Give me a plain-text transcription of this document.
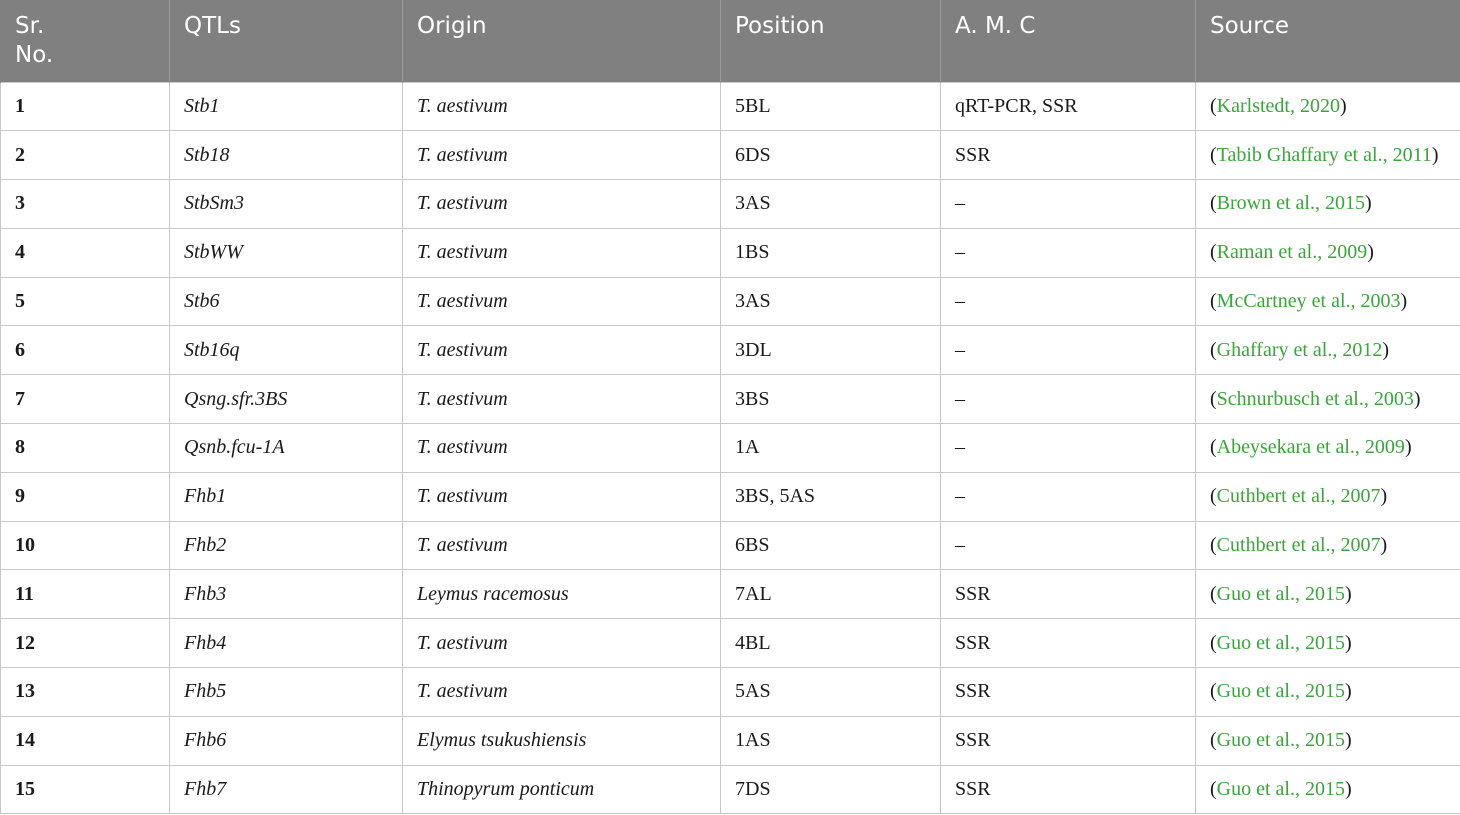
Sr.
No.	QTLs	Origin	Position	A. M. C	Source
1	Stb1	T. aestivum	5BL	qRT-PCR, SSR	(Karlstedt, 2020)
2	Stb18	T. aestivum	6DS	SSR	(Tabib Ghaffary et al., 2011)
3	StbSm3	T. aestivum	3AS	–	(Brown et al., 2015)
4	StbWW	T. aestivum	1BS	–	(Raman et al., 2009)
5	Stb6	T. aestivum	3AS	–	(McCartney et al., 2003)
6	Stb16q	T. aestivum	3DL	–	(Ghaffary et al., 2012)
7	Qsng.sfr.3BS	T. aestivum	3BS	–	(Schnurbusch et al., 2003)
8	Qsnb.fcu-1A	T. aestivum	1A	–	(Abeysekara et al., 2009)
9	Fhb1	T. aestivum	3BS, 5AS	–	(Cuthbert et al., 2007)
10	Fhb2	T. aestivum	6BS	–	(Cuthbert et al., 2007)
11	Fhb3	Leymus racemosus	7AL	SSR	(Guo et al., 2015)
12	Fhb4	T. aestivum	4BL	SSR	(Guo et al., 2015)
13	Fhb5	T. aestivum	5AS	SSR	(Guo et al., 2015)
14	Fhb6	Elymus tsukushiensis	1AS	SSR	(Guo et al., 2015)
15	Fhb7	Thinopyrum ponticum	7DS	SSR	(Guo et al., 2015)
